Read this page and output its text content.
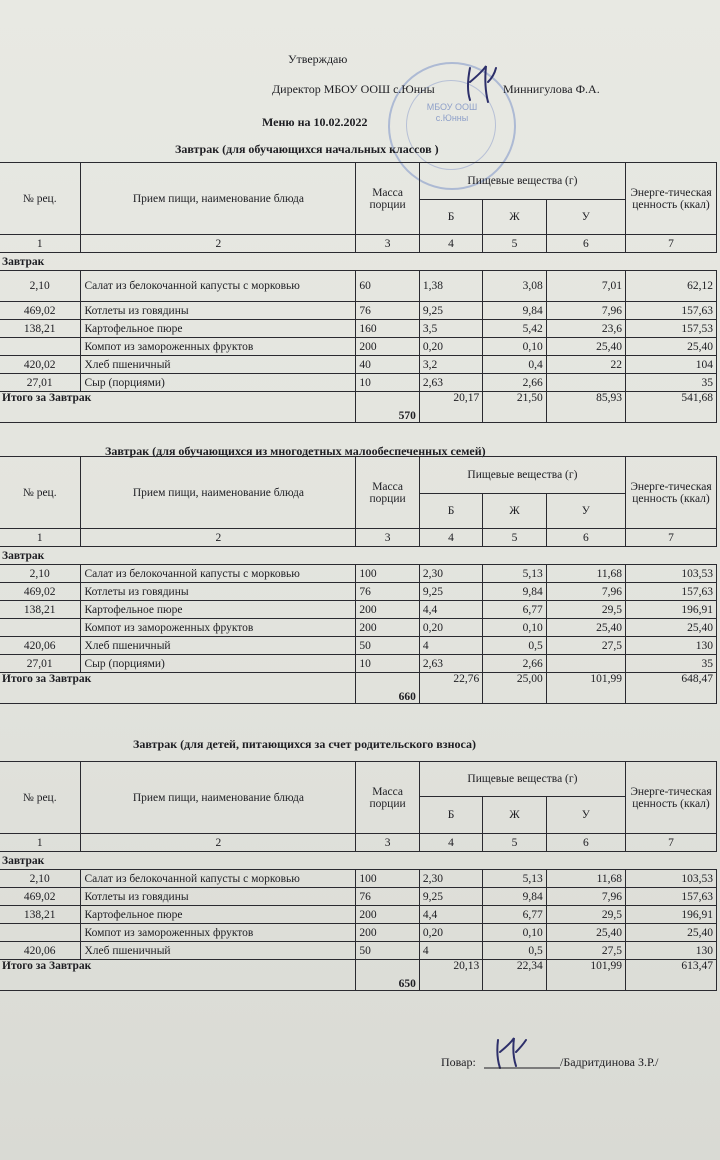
Утверждаю
МБОУ ООШ
с.Юнны
Директор МБОУ ООШ с.Юнны	Миннигулова Ф.А.
Меню на 10.02.2022
Завтрак (для обучающихся начальных классов )
№ рец.	Прием пищи, наименование блюда	Масса порции	Пищевые вещества (г)			Энерге-тическая ценность (ккал)
			Б	Ж	У	
1	2	3	4	5	6	7
Завтрак						
2,10	Салат из белокочанной капусты с морковью	60	1,38	3,08	7,01	62,12
469,02	Котлеты из говядины	76	9,25	9,84	7,96	157,63
138,21	Картофельное пюре	160	3,5	5,42	23,6	157,53
	Компот из замороженных фруктов	200	0,20	0,10	25,40	25,40
420,02	Хлеб пшеничный	40	3,2	0,4	22	104
27,01	Сыр (порциями)	10	2,63	2,66		35
Итого за Завтрак		570	20,17	21,50	85,93	541,68
Завтрак (для обучающихся из многодетных малообеспеченных семей)
№ рец.	Прием пищи, наименование блюда	Масса порции	Пищевые вещества (г)			Энерге-тическая ценность (ккал)
			Б	Ж	У	
1	2	3	4	5	6	7
Завтрак						
2,10	Салат из белокочанной капусты с морковью	100	2,30	5,13	11,68	103,53
469,02	Котлеты из говядины	76	9,25	9,84	7,96	157,63
138,21	Картофельное пюре	200	4,4	6,77	29,5	196,91
	Компот из замороженных фруктов	200	0,20	0,10	25,40	25,40
420,06	Хлеб пшеничный	50	4	0,5	27,5	130
27,01	Сыр (порциями)	10	2,63	2,66		35
Итого за Завтрак		660	22,76	25,00	101,99	648,47
Завтрак (для детей, питающихся за счет родительского взноса)
№ рец.	Прием пищи, наименование блюда	Масса порции	Пищевые вещества (г)			Энерге-тическая ценность (ккал)
			Б	Ж	У	
1	2	3	4	5	6	7
Завтрак						
2,10	Салат из белокочанной капусты с морковью	100	2,30	5,13	11,68	103,53
469,02	Котлеты из говядины	76	9,25	9,84	7,96	157,63
138,21	Картофельное пюре	200	4,4	6,77	29,5	196,91
	Компот из замороженных фруктов	200	0,20	0,10	25,40	25,40
420,06	Хлеб пшеничный	50	4	0,5	27,5	130
Итого за Завтрак		650	20,13	22,34	101,99	613,47
Повар:	/Бадритдинова З.Р./
